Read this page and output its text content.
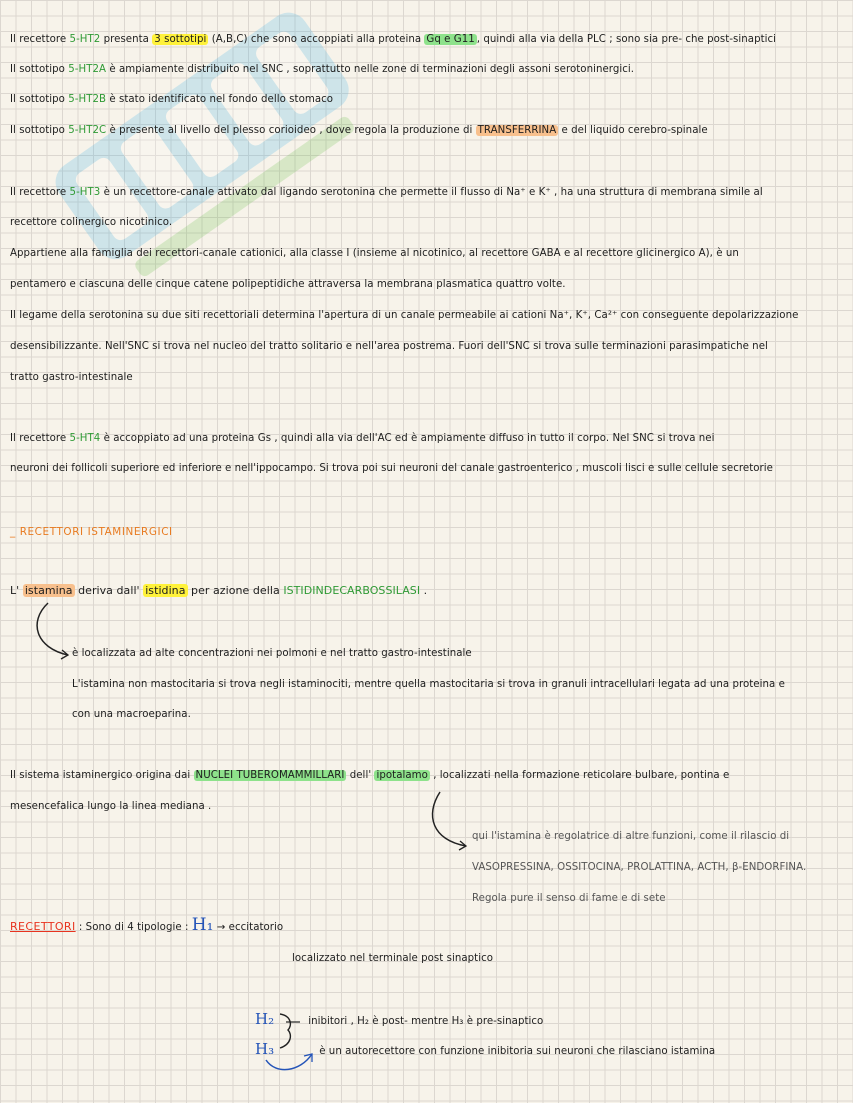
Il recettore 5-HT2 presenta 3 sottotipi (A,B,C) che sono accoppiati alla proteina Gq e G11 , quindi alla via della PLC ; sono sia pre- che post-sinaptici
Il sottotipo 5-HT2A è ampiamente distribuito nel SNC , soprattutto nelle zone di terminazioni degli assoni serotoninergici.
Il sottotipo 5-HT2B è stato identificato nel fondo dello stomaco
Il sottotipo 5-HT2C è presente al livello del plesso corioideo , dove regola la produzione di TRANSFERRINA e del liquido cerebro-spinale
Il recettore 5-HT3 è un recettore-canale attivato dal ligando serotonina che permette il flusso di Na⁺ e K⁺ , ha una struttura di membrana simile al
recettore colinergico nicotinico.
Appartiene alla famiglia dei recettori-canale cationici, alla classe I (insieme al nicotinico, al recettore GABA e al recettore glicinergico A), è un
pentamero e ciascuna delle cinque catene polipeptidiche attraversa la membrana plasmatica quattro volte.
Il legame della serotonina su due siti recettoriali determina l'apertura di un canale permeabile ai cationi Na⁺, K⁺, Ca²⁺ con conseguente depolarizzazione
desensibilizzante. Nell'SNC si trova nel nucleo del tratto solitario e nell'area postrema. Fuori dell'SNC si trova sulle terminazioni parasimpatiche nel
tratto gastro-intestinale
Il recettore 5-HT4 è accoppiato ad una proteina Gs , quindi alla via dell'AC ed è ampiamente diffuso in tutto il corpo. Nel SNC si trova nei
neuroni dei follicoli superiore ed inferiore e nell'ippocampo. Si trova poi sui neuroni del canale gastroenterico , muscoli lisci e sulle cellule secretorie
_ RECETTORI ISTAMINERGICI
L' istamina deriva dall' istidina per azione della ISTIDINDECARBOSSILASI .
è localizzata ad alte concentrazioni nei polmoni e nel tratto gastro-intestinale
L'istamina non mastocitaria si trova negli istaminociti, mentre quella mastocitaria si trova in granuli intracellulari legata ad una proteina e
con una macroeparina.
Il sistema istaminergico origina dai NUCLEI TUBEROMAMMILLARI dell' ipotalamo , localizzati nella formazione reticolare bulbare, pontina e
mesencefalica lungo la linea mediana .
qui l'istamina è regolatrice di altre funzioni, come il rilascio di
VASOPRESSINA, OSSITOCINA, PROLATTINA, ACTH, β-ENDORFINA.
Regola pure il senso di fame e di sete
RECETTORI : Sono di 4 tipologie : H₁ → eccitatorio
localizzato nel terminale post sinaptico
H₂	inibitori , H₂ è post- mentre H₃ è pre-sinaptico
H₃	è un autorecettore con funzione inibitoria sui neuroni che rilasciano istamina
